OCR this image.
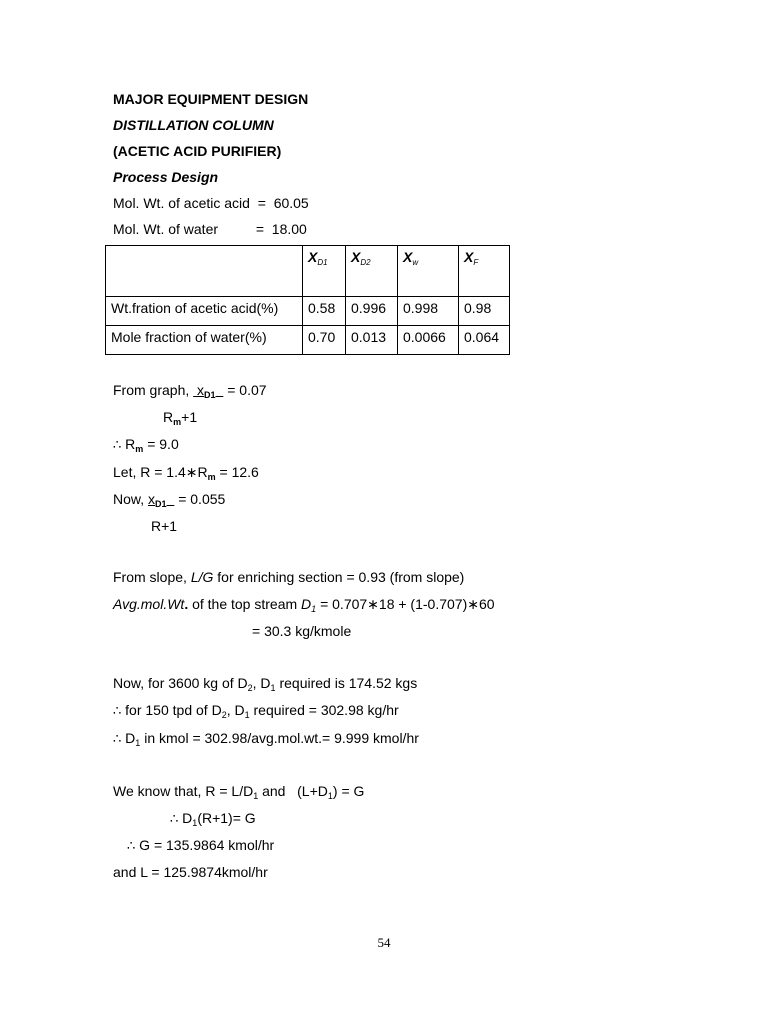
MAJOR EQUIPMENT DESIGN
DISTILLATION COLUMN
(ACETIC ACID PURIFIER)
Process Design
Mol. Wt. of acetic acid = 60.05
Mol. Wt. of water	= 18.00
	$X_{D1}$	$X_{D2}$	$X_w$	$X_F$
Wt.fration of acetic acid(%)	0.58	0.996	0.998	0.98
Mole fraction of water(%)	0.70	0.013	0.0066	0.064
From graph, $x_{D1} = 0.07$
$R_m+1$
∴ $R_m = 9.0$
Let, $R = 1.4∗R_m = 12.6$
Now, $x_{D1} = 0.055$
R+1
From slope, L/G for enriching section = 0.93 (from slope)
Avg.mol.Wt. of the top stream $D_1$ = 0.707∗18 + (1-0.707)∗60
= 30.3 kg/kmole
Now, for 3600 kg of $D_2$, $D_1$ required is 174.52 kgs
∴ for 150 tpd of $D_2$, $D_1$ required = 302.98 kg/hr
∴ $D_1$ in kmol = 302.98/avg.mol.wt.= 9.999 kmol/hr
We know that, $R = L/D_1$ and   $(L+D_1) = G$
∴ $D_1(R+1)= G$
∴ G = 135.9864 kmol/hr
and L = 125.9874kmol/hr
54
